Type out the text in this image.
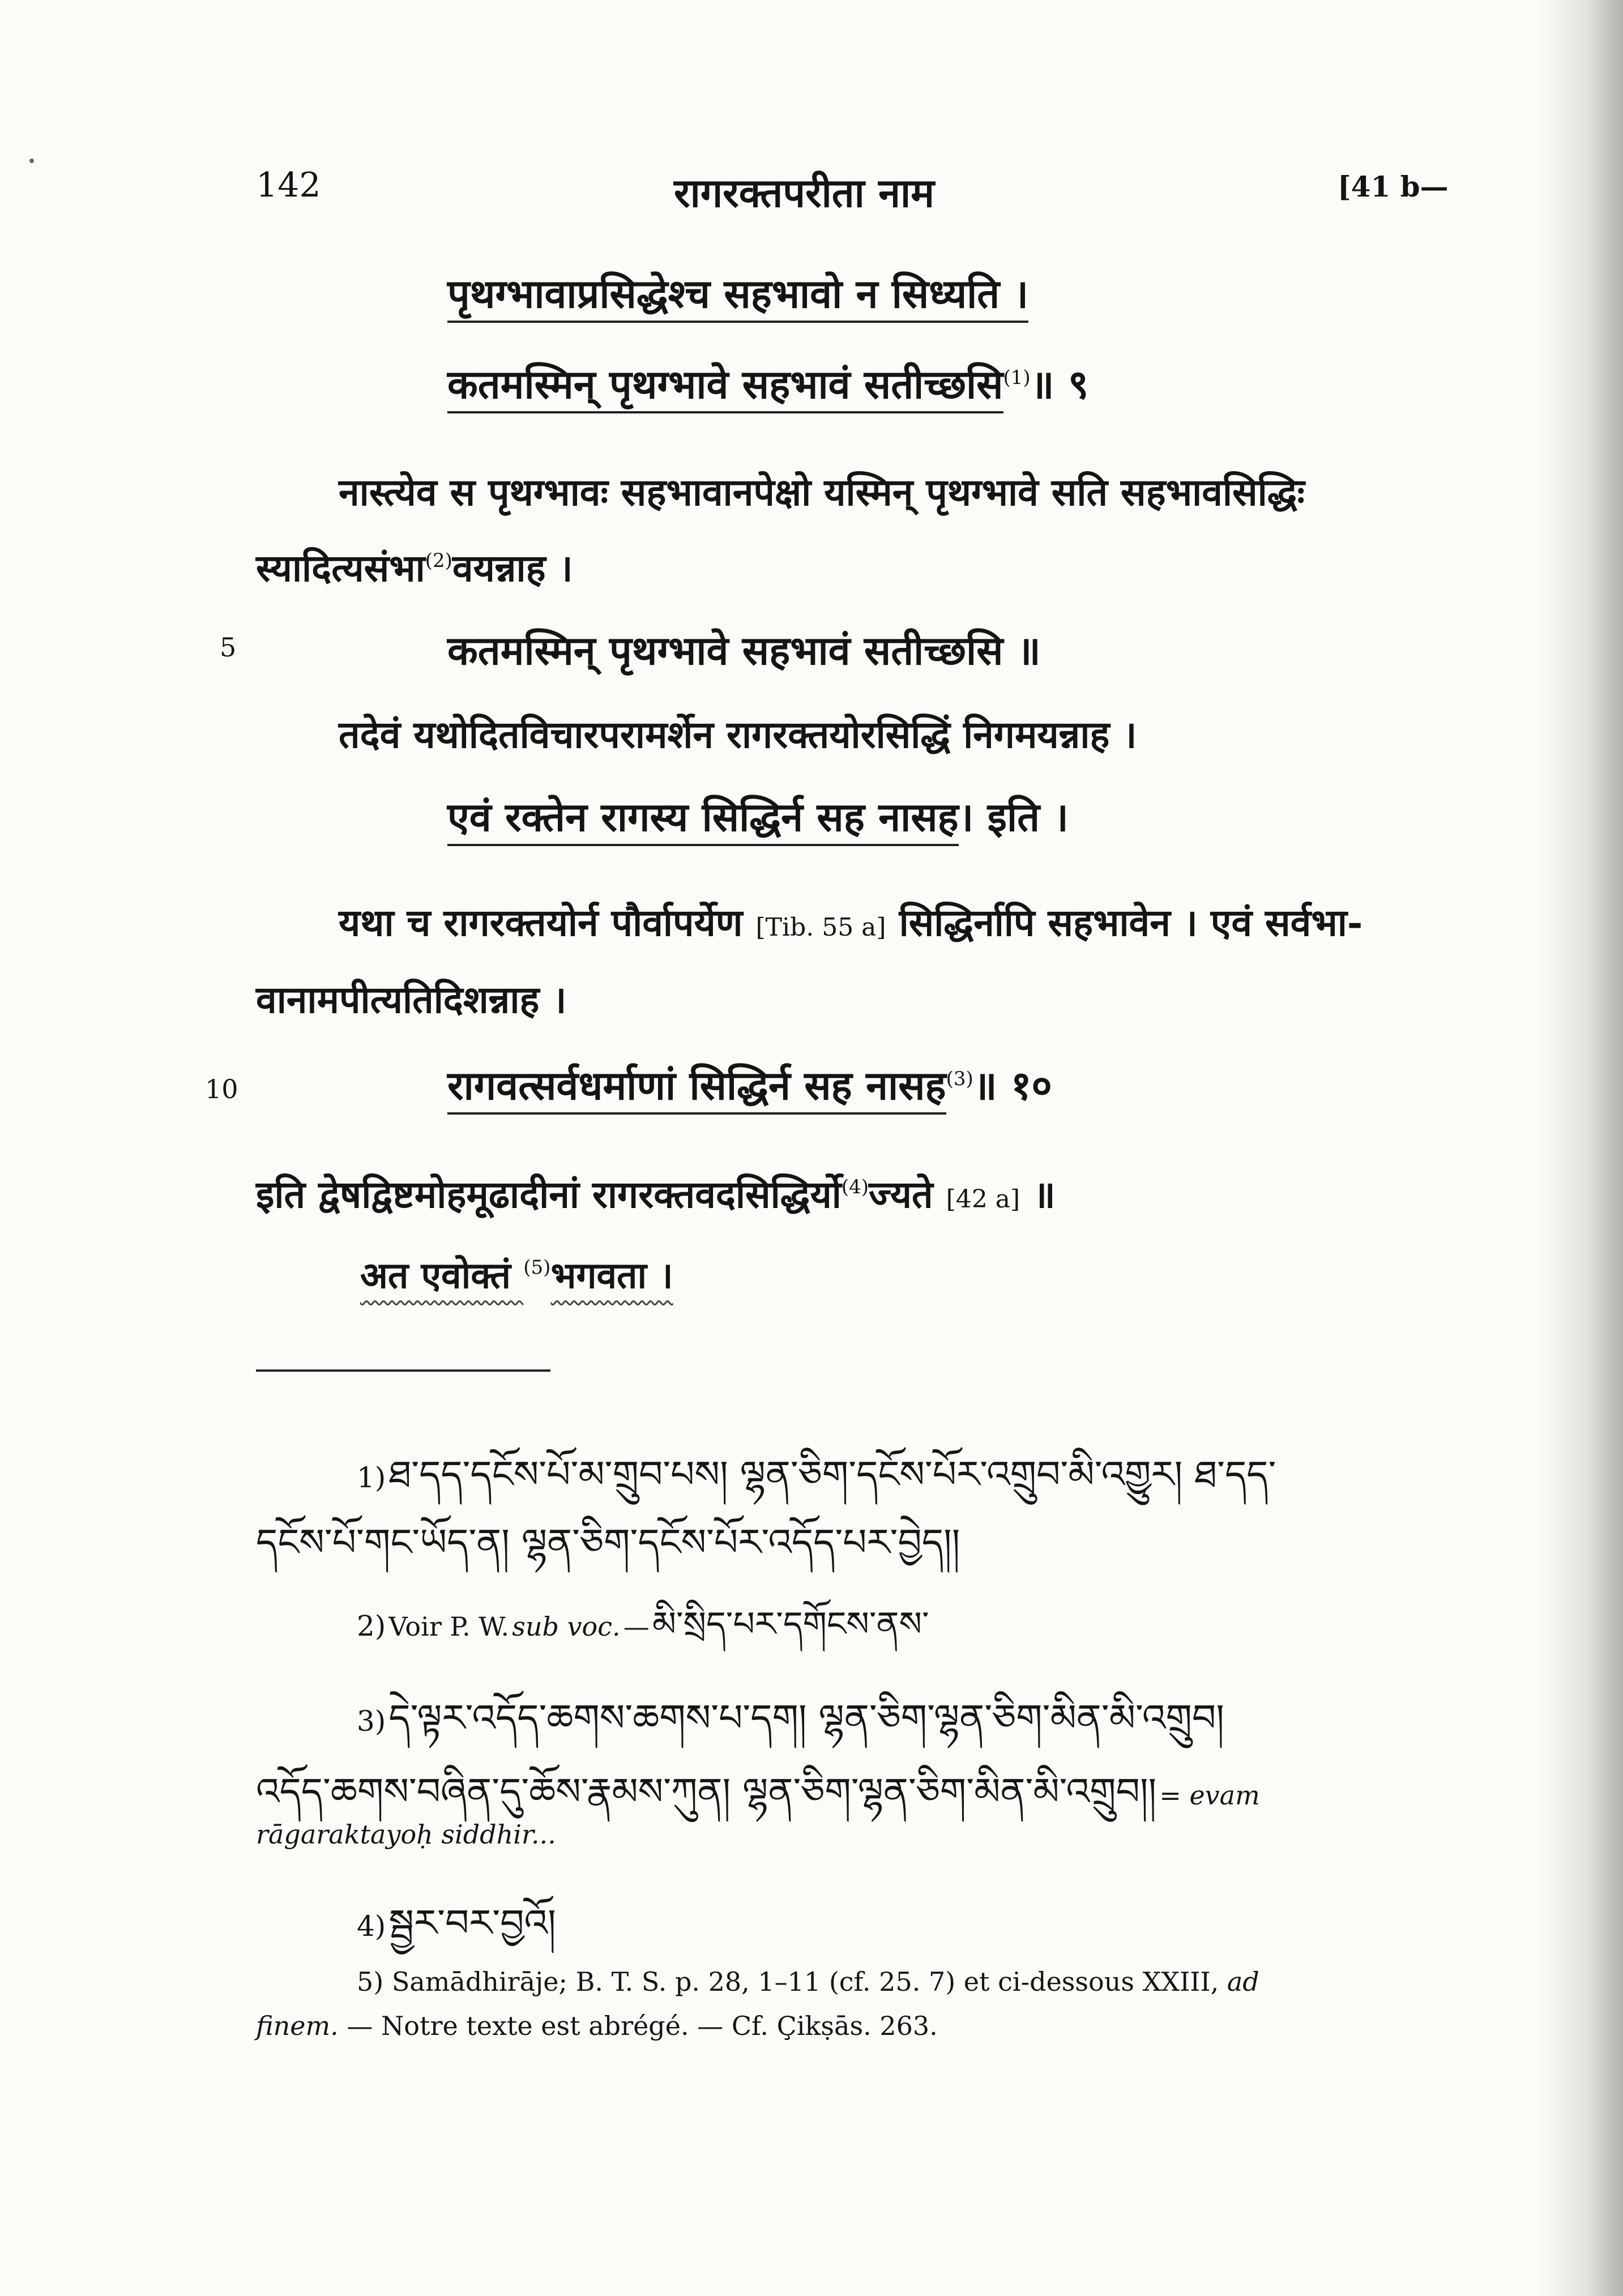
142	रागरक्तपरीता नाम	[41 b—
पृथग्भावाप्रसिद्धेश्च सहभावो न सिध्यति ।
कतमस्मिन् पृथग्भावे सहभावं सतीच्छसि$^{(1)}$॥ ९
नास्त्येव स पृथग्भावः सहभावानपेक्षो यस्मिन् पृथग्भावे सति सहभावसिद्धिः
स्यादित्यसंभा$^{(2)}$वयन्नाह ।
5	कतमस्मिन् पृथग्भावे सहभावं सतीच्छसि ॥
तदेवं यथोदितविचारपरामर्शेन रागरक्तयोरसिद्धिं निगमयन्नाह ।
एवं रक्तेन रागस्य सिद्धिर्न सह नासह। इति ।
यथा च रागरक्तयोर्न पौर्वापर्येण [Tib. 55 a] सिद्धिर्नापि सहभावेन । एवं सर्वभा-
वानामपीत्यतिदिशन्नाह ।
10	रागवत्सर्वधर्माणां सिद्धिर्न सह नासह$^{(3)}$॥ १०
इति द्वेषद्विष्टमोहमूढादीनां रागरक्तवदसिद्धिर्यो$^{(4)}$ज्यते [42 a] ॥
अत एवोक्तं $^{(5)}$भगवता ।
1) ཐ་དད་དངོས་པོ་མ་གྲུབ་པས། ལྷན་ཅིག་དངོས་པོར་འགྲུབ་མི་འགྱུར། ཐ་དད་
དངོས་པོ་གང་ཡོད་ན། ལྷན་ཅིག་དངོས་པོར་འདོད་པར་བྱེད།།
2) Voir P. W. sub voc. — མི་སྲིད་པར་དགོངས་ནས་
3) དེ་ལྟར་འདོད་ཆགས་ཆགས་པ་དག། ལྷན་ཅིག་ལྷན་ཅིག་མིན་མི་འགྲུབ།
འདོད་ཆགས་བཞིན་དུ་ཆོས་རྣམས་ཀུན། ལྷན་ཅིག་ལྷན་ཅིག་མིན་མི་འགྲུབ།། = evam
rāgaraktayoḥ siddhir...
4) སྦྱར་བར་བྱའོ།
5) Samādhirāje; B. T. S. p. 28, 1–11 (cf. 25. 7) et ci-dessous XXIII, ad
finem. — Notre texte est abrégé. — Cf. Çikṣās. 263.
